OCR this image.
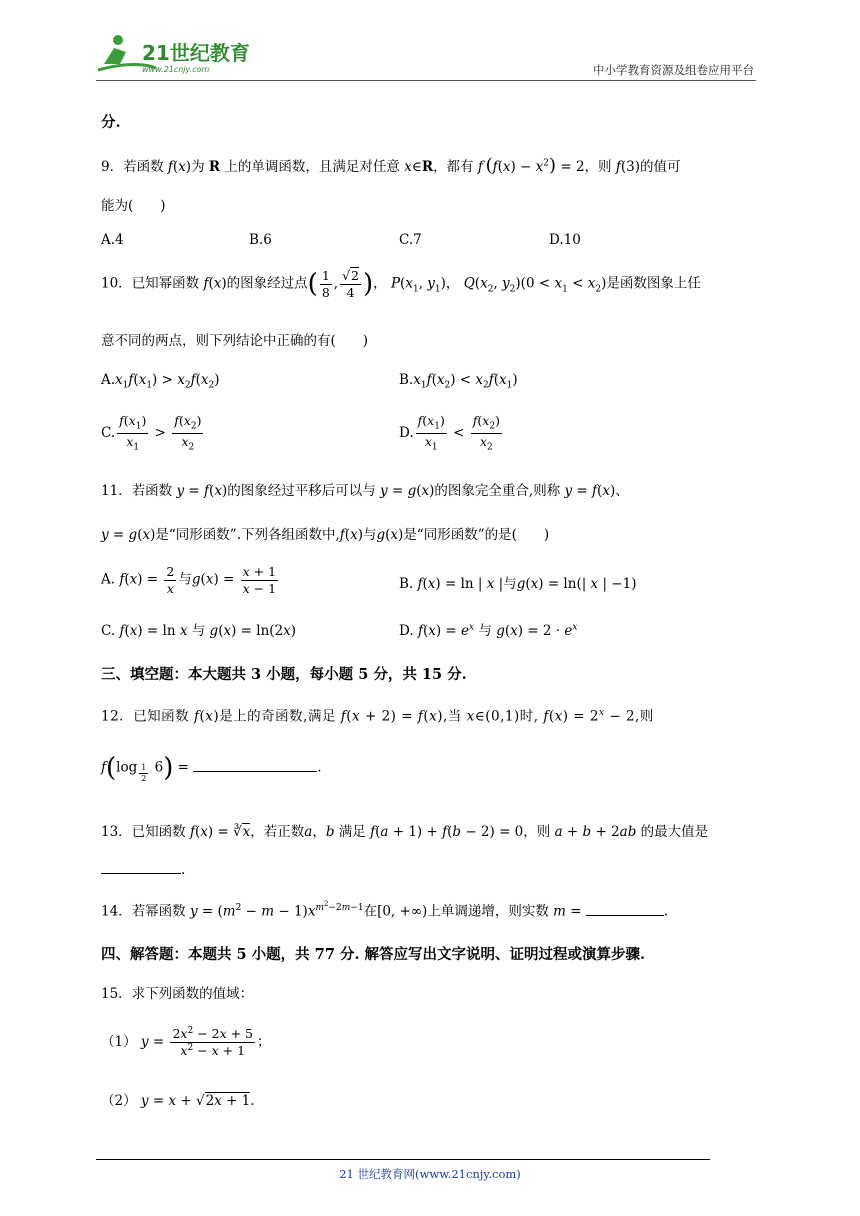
21世纪教育
www.21cnjy.com	中小学教育资源及组卷应用平台
分.
9．若函数 f(x)为 R 上的单调函数，且满足对任意 x∈R，都有 f  $(f(x) - x^2) = 2$，则 f(3)的值可
能为(　　)
A.4	B.6	C.7	D.10
10．已知幂函数 f(x)的图象经过点( $\frac{1}{8}$ , $\frac{√2}{4}$ )， $P(x_1$, $y_1$)， $Q(x_2$, $y_2)(0 < x_1 < x_2)$是函数图象上任
意不同的两点，则下列结论中正确的有(　　)
$A.x_1f(x_1) > x_2f(x_2)$	$B.x_1f(x_2) < x_2f(x_1)$
C. $\frac{f(x_1)}{x_1} > \frac{f(x_2)}{x_2}$	D. $\frac{f(x_1)}{x_1} < \frac{f(x_2)}{x_2}$
11．若函数 y = f(x)的图象经过平移后可以与 y = g(x)的图象完全重合,则称 y = f(x)、
y = g(x)是“同形函数”.下列各组函数中,f(x)与g(x)是“同形函数”的是(　　)
A. $f(x) = \frac{2}{x}$ 与$g(x) = \frac{x + 1}{x - 1}$	B. f(x) = ln | x |与g(x) = ln(| x | −1)
C. f(x) = ln x 与 g(x) = ln(2x)	D. $f(x) = e^x$ 与 $g(x) = 2 \cdot e^x$
三、填空题：本大题共 3 小题，每小题 5 分，共 15 分.
12．已知函数 f(x)是上的奇函数,满足 f(x + 2) = f(x),当 x∈(0,1)时, $f(x) = 2^x - 2$,则
f(log $_{\frac{1}{2}}$ 6) =	.
13．已知函数 f(x) = ∛x，若正数a，b 满足 f(a + 1) + f(b − 2) = 0，则 a + b + 2ab 的最大值是
.
14．若幂函数 $y = (m^2 - m - 1)x^{m^2-2m-1}$在[0, +∞)上单调递增，则实数 m =	.
四、解答题：本题共 5 小题，共 77 分. 解答应写出文字说明、证明过程或演算步骤.
15．求下列函数的值域：
（1） $y = \frac{2x^2 - 2x + 5}{x^2 - x + 1}$ ；
（2） y = x + √2x + 1.
21 世纪教育网(www.21cnjy.com)
